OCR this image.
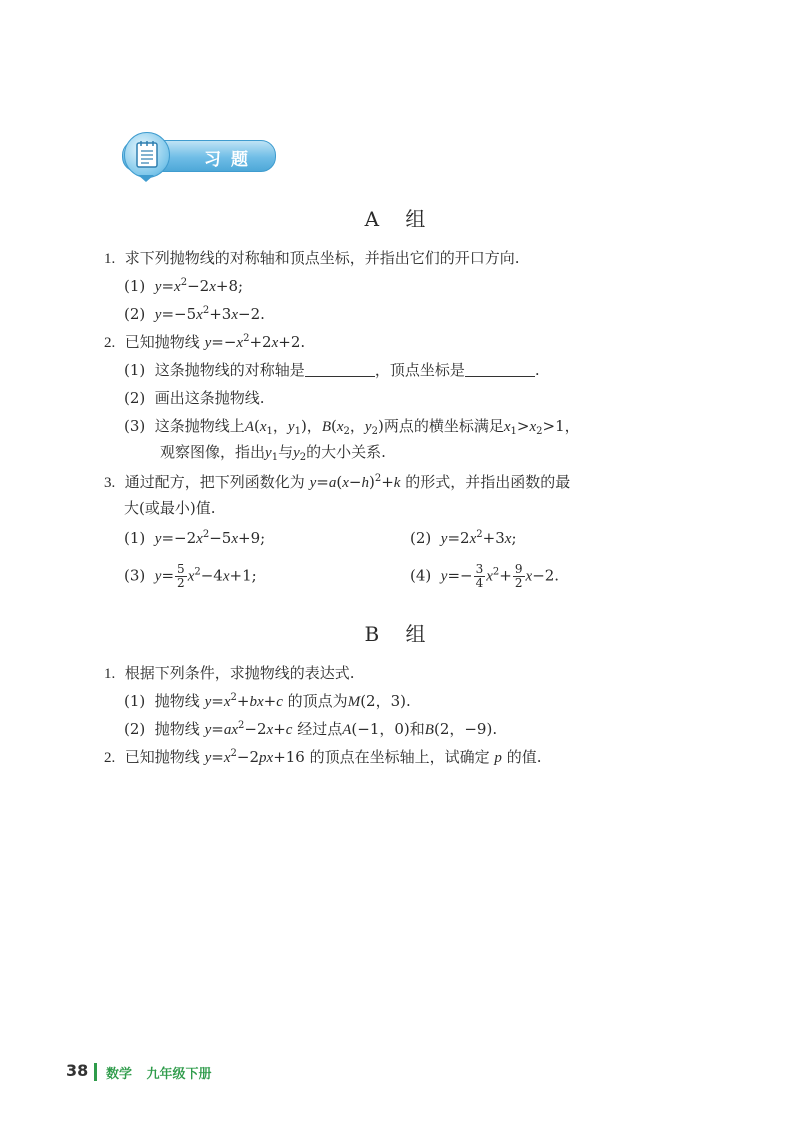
习题
A 组
1. 求下列抛物线的对称轴和顶点坐标，并指出它们的开口方向.
(1) $y=x^2-2x+8$;
(2) $y=-5x^2+3x-2$.
2. 已知抛物线 $y=-x^2+2x+2$.
(1) 这条抛物线的对称轴是	，顶点坐标是	.
(2) 画出这条抛物线.
(3) 这条抛物线上$A(x_1$，$y_1$)，$B(x_2$，$y_2$)两点的横坐标满足$x_1>x_2>1$，
观察图像，指出$y_1$与$y_2$的大小关系.
3. 通过配方，把下列函数化为 $y=a(x-h)^2+k$ 的形式，并指出函数的最
大(或最小)值.
(1) $y=-2x^2-5x+9$;	(2) $y=2x^2+3x$;
(3) $y= \frac{5}{2} x^2-4x+1$;	(4) $y=- \frac{3}{4} x^2+ \frac{9}{2} x-2$.
B 组
1. 根据下列条件，求抛物线的表达式.
(1) 抛物线 $y=x^2+bx+c$ 的顶点为M(2，3).
(2) 抛物线 $y=ax^2-2x+c$ 经过点A(−1，0)和B(2，−9).
2. 已知抛物线 $y=x^2-2px+16$ 的顶点在坐标轴上，试确定 p 的值.
38 数学 九年级下册
